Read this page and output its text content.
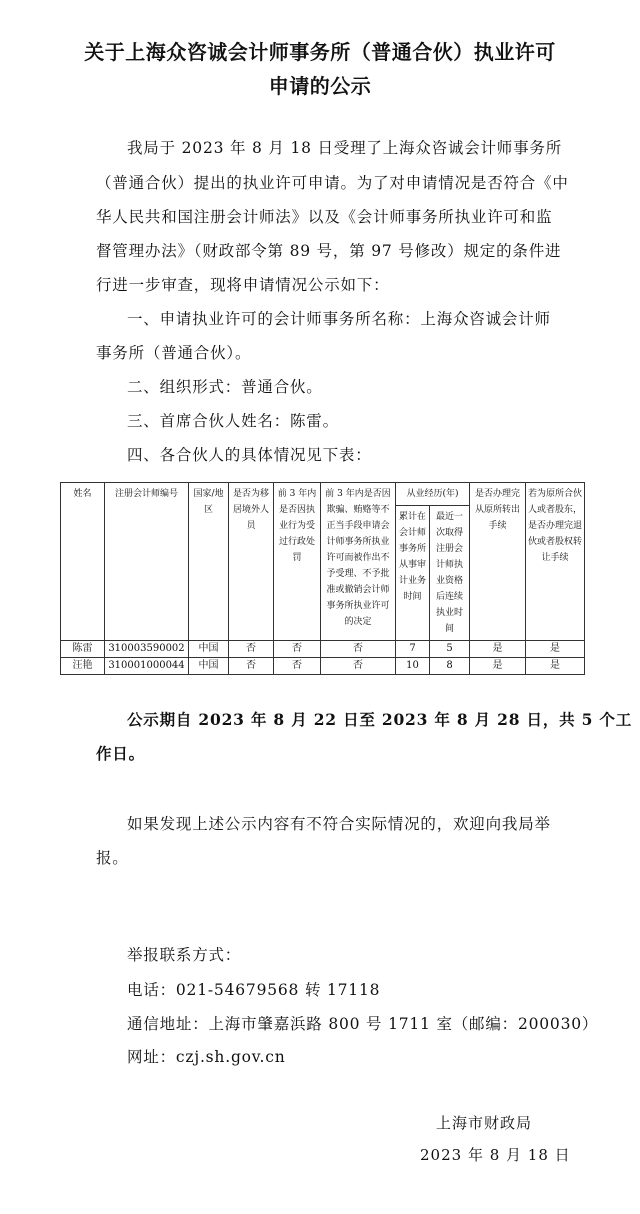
关于上海众咨诚会计师事务所（普通合伙）执业许可
申请的公示
我局于 2023 年 8 月 18 日受理了上海众咨诚会计师事务所
（普通合伙）提出的执业许可申请。为了对申请情况是否符合《中
华人民共和国注册会计师法》以及《会计师事务所执业许可和监
督管理办法》（财政部令第 89 号，第 97 号修改）规定的条件进
行进一步审查，现将申请情况公示如下：
一、申请执业许可的会计师事务所名称：上海众咨诚会计师
事务所（普通合伙）。
二、组织形式：普通合伙。
三、首席合伙人姓名：陈雷。
四、各合伙人的具体情况见下表：
姓名	注册会计师编号	国家/地区	是否为移居境外人员	前 3 年内是否因执业行为受过行政处罚	前 3 年内是否因欺骗、贿赂等不正当手段申请会计师事务所执业许可而被作出不予受理、不予批准或撤销会计师事务所执业许可的决定	从业经历(年)		是否办理完从原所转出手续	若为原所合伙人或者股东，是否办理完退伙或者股权转让手续
						累计在会计师事务所从事审计业务时间	最近一次取得注册会计师执业资格后连续执业时间		
陈雷	310003590002	中国	否	否	否	7	5	是	是
汪艳	310001000044	中国	否	否	否	10	8	是	是
公示期自 2023 年 8 月 22 日至 2023 年 8 月 28 日，共 5 个工
作日。
如果发现上述公示内容有不符合实际情况的，欢迎向我局举
报。
举报联系方式：
电话：021-54679568 转 17118
通信地址：上海市肇嘉浜路 800 号 1711 室（邮编：200030）
网址：czj.sh.gov.cn
上海市财政局
2023 年 8 月 18 日
